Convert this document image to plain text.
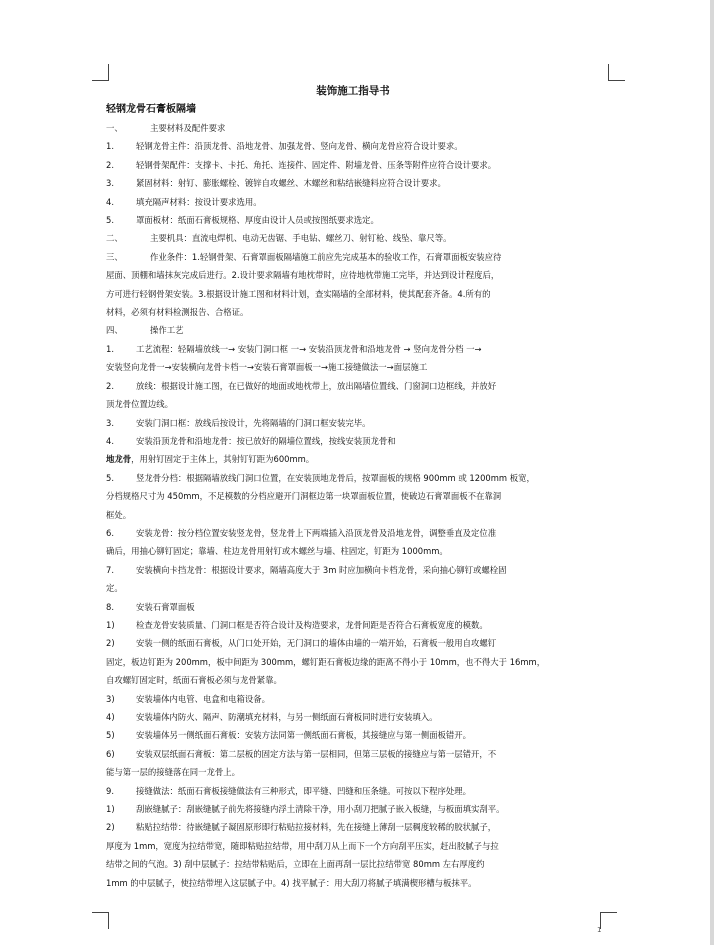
1
装饰施工指导书
轻钢龙骨石膏板隔墙
一、	主要材料及配件要求
1.	轻钢龙骨主件：沿顶龙骨、沿地龙骨、加强龙骨、竖向龙骨、横向龙骨应符合设计要求。
2.	轻钢骨架配件：支撑卡、卡托、角托、连接件、固定件、附墙龙骨、压条等附件应符合设计要求。
3.	紧固材料：射钉、膨胀螺栓、镀锌自攻螺丝、木螺丝和粘结嵌缝料应符合设计要求。
4.	填充隔声材料：按设计要求选用。
5.	罩面板材：纸面石膏板规格、厚度由设计人员或按图纸要求选定。
二、	主要机具：直流电焊机、电动无齿锯、手电钻、螺丝刀、射钉枪、线坠、靠尺等。
三、	作业条件：1.轻钢骨架、石膏罩面板隔墙施工前应先完成基本的验收工作，石膏罩面板安装应待
屋面、顶棚和墙抹灰完成后进行。2.设计要求隔墙有地枕带时，应待地枕带施工完毕，并达到设计程度后，
方可进行轻钢骨架安装。3.根据设计施工图和材料计划，查实隔墙的全部材料，使其配套齐备。4.所有的
材料，必须有材料检测报告、合格证。
四、	操作工艺
1.	工艺流程：轻隔墙放线一→ 安装门洞口框 一→ 安装沿顶龙骨和沿地龙骨 → 竖向龙骨分档 一→
安装竖向龙骨一→安装横向龙骨卡档一→安装石膏罩面板一→施工接缝做法一→面层施工
2.	放线：根据设计施工图，在已做好的地面或地枕带上，放出隔墙位置线、门窗洞口边框线，并放好
顶龙骨位置边线。
3.	安装门洞口框：放线后按设计，先将隔墙的门洞口框安装完毕。
4.	安装沿顶龙骨和沿地龙骨：按已放好的隔墙位置线，按线安装顶龙骨和
地龙骨，用射钉固定于主体上，其射钉钉距为600mm。
5.	竖龙骨分档：根据隔墙放线门洞口位置，在安装顶地龙骨后，按罩面板的规格 900mm 或 1200mm 板宽，
分档规格尺寸为 450mm，不足模数的分档应避开门洞框边第一块罩面板位置，使破边石膏罩面板不在靠洞
框处。
6.	安装龙骨：按分档位置安装竖龙骨，竖龙骨上下两端插入沿顶龙骨及沿地龙骨，调整垂直及定位准
确后，用抽心铆钉固定；靠墙、柱边龙骨用射钉或木螺丝与墙、柱固定，钉距为 1000mm。
7.	安装横向卡挡龙骨：根据设计要求，隔墙高度大于 3m 时应加横向卡档龙骨，采向抽心铆钉或螺栓固
定。
8.	安装石膏罩面板
1)	检查龙骨安装质量、门洞口框是否符合设计及构造要求，龙骨间距是否符合石膏板宽度的模数。
2)	安装一侧的纸面石膏板，从门口处开始，无门洞口的墙体由墙的一端开始，石膏板一般用自攻螺钉
固定，板边钉距为 200mm，板中间距为 300mm，螺钉距石膏板边缘的距离不得小于 10mm，也不得大于 16mm，
自攻螺钉固定时，纸面石膏板必须与龙骨紧靠。
3)	安装墙体内电管、电盒和电箱设备。
4)	安装墙体内防火、隔声、防潮填充材料，与另一侧纸面石膏板同时进行安装填入。
5)	安装墙体另一侧纸面石膏板：安装方法同第一侧纸面石膏板，其接缝应与第一侧面板错开。
6)	安装双层纸面石膏板：第二层板的固定方法与第一层相同，但第三层板的接缝应与第一层错开，不
能与第一层的接缝落在同一龙骨上。
9.	接缝做法：纸面石膏板接缝做法有三种形式，即平缝、凹缝和压条缝。可按以下程序处理。
1)	刮嵌缝腻子：刮嵌缝腻子前先将接缝内浮土清除干净，用小刮刀把腻子嵌入板缝，与板面填实刮平。
2)	粘贴拉结带：待嵌缝腻子凝固原形即行粘贴拉接材料，先在接缝上薄刮一层稠度较稀的胶状腻子，
厚度为 1mm，宽度为拉结带宽，随即粘贴拉结带，用中刮刀从上而下一个方向刮平压实，赶出胶腻子与拉
结带之间的气泡。3) 刮中层腻子：拉结带粘贴后，立即在上面再刮一层比拉结带宽 80mm 左右厚度约
1mm 的中层腻子，使拉结带埋入这层腻子中。4) 找平腻子：用大刮刀将腻子填满楔形槽与板抹平。
